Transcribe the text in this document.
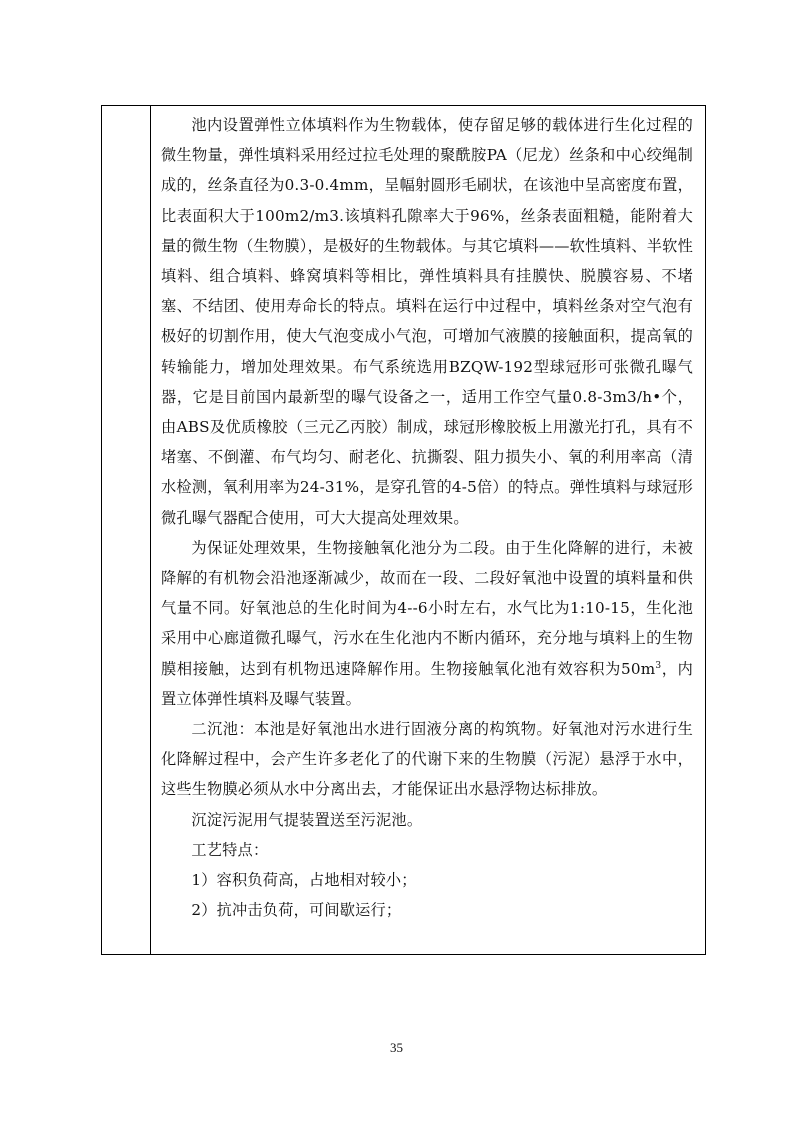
池内设置弹性立体填料作为生物载体，使存留足够的载体进行生化过程的微生物量，弹性填料采用经过拉毛处理的聚酰胺PA（尼龙）丝条和中心绞绳制成的，丝条直径为0.3-0.4mm，呈幅射圆形毛刷状，在该池中呈高密度布置，比表面积大于100m2/m3.该填料孔隙率大于96%，丝条表面粗糙，能附着大量的微生物（生物膜），是极好的生物载体。与其它填料——软性填料、半软性填料、组合填料、蜂窝填料等相比，弹性填料具有挂膜快、脱膜容易、不堵塞、不结团、使用寿命长的特点。填料在运行中过程中，填料丝条对空气泡有极好的切割作用，使大气泡变成小气泡，可增加气液膜的接触面积，提高氧的转输能力，增加处理效果。布气系统选用BZQW-192型球冠形可张微孔曝气器，它是目前国内最新型的曝气设备之一，适用工作空气量0.8-3m3/h•个，由ABS及优质橡胶（三元乙丙胶）制成，球冠形橡胶板上用激光打孔，具有不堵塞、不倒灌、布气均匀、耐老化、抗撕裂、阻力损失小、氧的利用率高（清水检测，氧利用率为24-31%，是穿孔管的4-5倍）的特点。弹性填料与球冠形微孔曝气器配合使用，可大大提高处理效果。

为保证处理效果，生物接触氧化池分为二段。由于生化降解的进行，未被降解的有机物会沿池逐渐减少，故而在一段、二段好氧池中设置的填料量和供气量不同。好氧池总的生化时间为4--6小时左右，水气比为1:10-15，生化池采用中心廊道微孔曝气，污水在生化池内不断内循环，充分地与填料上的生物膜相接触，达到有机物迅速降解作用。生物接触氧化池有效容积为$50m^3$，内置立体弹性填料及曝气装置。

二沉池：本池是好氧池出水进行固液分离的构筑物。好氧池对污水进行生化降解过程中，会产生许多老化了的代谢下来的生物膜（污泥）悬浮于水中，这些生物膜必须从水中分离出去，才能保证出水悬浮物达标排放。

沉淀污泥用气提装置送至污泥池。

工艺特点：

1）容积负荷高，占地相对较小；

2）抗冲击负荷，可间歇运行；

35
